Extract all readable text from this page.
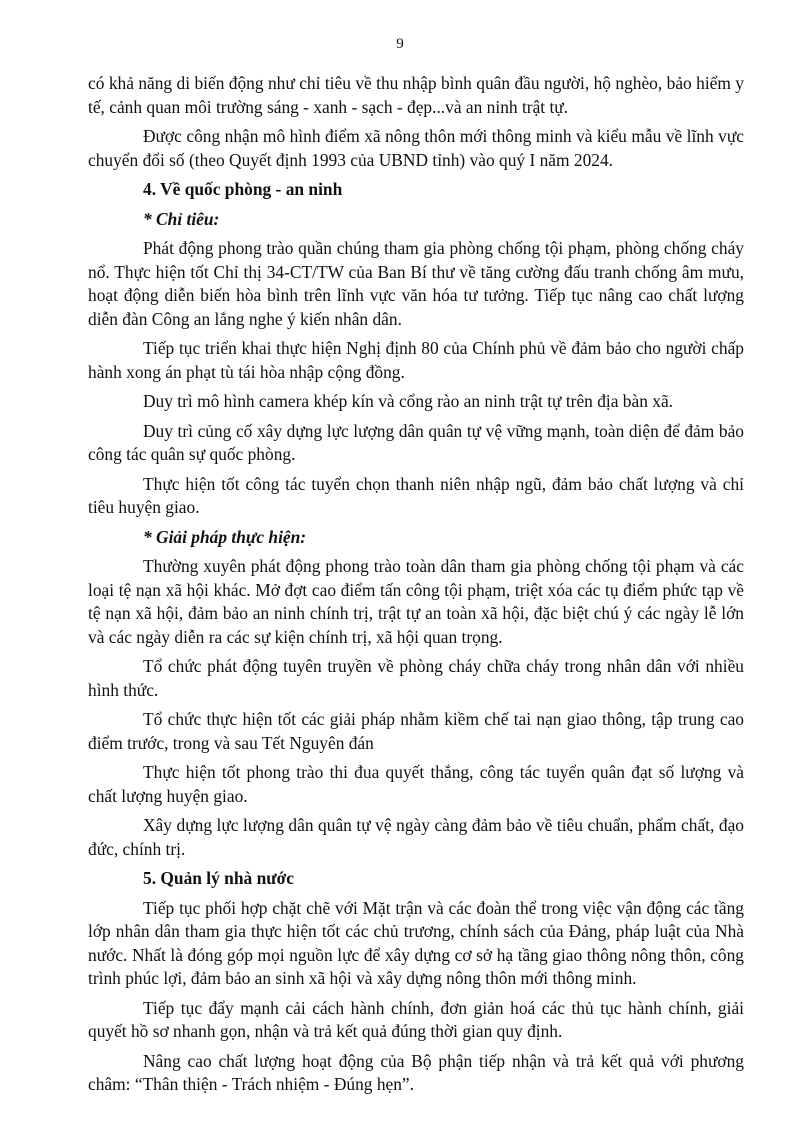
9

có khả năng di biến động như chỉ tiêu về thu nhập bình quân đầu người, hộ nghèo, bảo hiểm y tế, cảnh quan môi trường sáng - xanh - sạch - đẹp...và an ninh trật tự.

Được công nhận mô hình điểm xã nông thôn mới thông minh và kiểu mẫu về lĩnh vực chuyển đổi số (theo Quyết định 1993 của UBND tỉnh) vào quý I năm 2024.

4. Về quốc phòng - an ninh

* Chỉ tiêu:

Phát động phong trào quần chúng tham gia phòng chống tội phạm, phòng chống cháy nổ. Thực hiện tốt Chỉ thị 34-CT/TW của Ban Bí thư về tăng cường đấu tranh chống âm mưu, hoạt động diễn biến hòa bình trên lĩnh vực văn hóa tư tưởng. Tiếp tục nâng cao chất lượng diễn đàn Công an lắng nghe ý kiến nhân dân.

Tiếp tục triển khai thực hiện Nghị định 80 của Chính phủ về đảm bảo cho người chấp hành xong án phạt tù tái hòa nhập cộng đồng.

Duy trì mô hình camera khép kín và cổng rào an ninh trật tự trên địa bàn xã.

Duy trì củng cố xây dựng lực lượng dân quân tự vệ vững mạnh, toàn diện để đảm bảo công tác quân sự quốc phòng.

Thực hiện tốt công tác tuyển chọn thanh niên nhập ngũ, đảm bảo chất lượng và chỉ tiêu huyện giao.

* Giải pháp thực hiện:

Thường xuyên phát động phong trào toàn dân tham gia phòng chống tội phạm và các loại tệ nạn xã hội khác. Mở đợt cao điểm tấn công tội phạm, triệt xóa các tụ điểm phức tạp về tệ nạn xã hội, đảm bảo an ninh chính trị, trật tự an toàn xã hội, đặc biệt chú ý các ngày lễ lớn và các ngày diễn ra các sự kiện chính trị, xã hội quan trọng.

Tổ chức phát động tuyên truyền về phòng cháy chữa cháy trong nhân dân với nhiều hình thức.

Tổ chức thực hiện tốt các giải pháp nhằm kiềm chế tai nạn giao thông, tập trung cao điểm trước, trong và sau Tết Nguyên đán

Thực hiện tốt phong trào thi đua quyết thắng, công tác tuyển quân đạt số lượng và chất lượng huyện giao.

Xây dựng lực lượng dân quân tự vệ ngày càng đảm bảo về tiêu chuẩn, phẩm chất, đạo đức, chính trị.

5. Quản lý nhà nước

Tiếp tục phối hợp chặt chẽ với Mặt trận và các đoàn thể trong việc vận động các tầng lớp nhân dân tham gia thực hiện tốt các chủ trương, chính sách của Đảng, pháp luật của Nhà nước. Nhất là đóng góp mọi nguồn lực để xây dựng cơ sở hạ tầng giao thông nông thôn, công trình phúc lợi, đảm bảo an sinh xã hội và xây dựng nông thôn mới thông minh.

Tiếp tục đẩy mạnh cải cách hành chính, đơn giản hoá các thủ tục hành chính, giải quyết hồ sơ nhanh gọn, nhận và trả kết quả đúng thời gian quy định.

Nâng cao chất lượng hoạt động của Bộ phận tiếp nhận và trả kết quả với phương châm: “Thân thiện - Trách nhiệm - Đúng hẹn”.
